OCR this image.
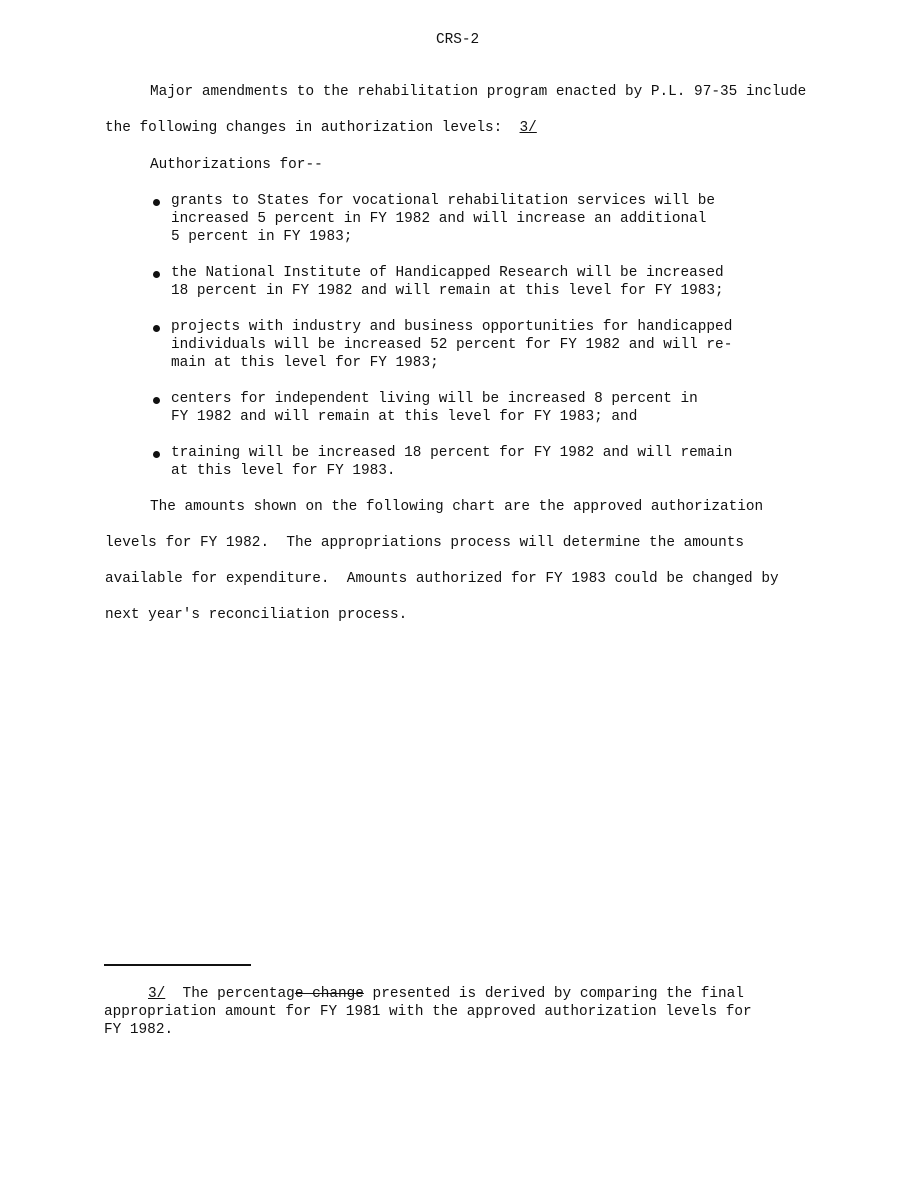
CRS-2
Major amendments to the rehabilitation program enacted by P.L. 97-35 include
the following changes in authorization levels:  3/
Authorizations for--
grants to States for vocational rehabilitation services will be
increased 5 percent in FY 1982 and will increase an additional
5 percent in FY 1983;
the National Institute of Handicapped Research will be increased
18 percent in FY 1982 and will remain at this level for FY 1983;
projects with industry and business opportunities for handicapped
individuals will be increased 52 percent for FY 1982 and will re-
main at this level for FY 1983;
centers for independent living will be increased 8 percent in
FY 1982 and will remain at this level for FY 1983; and
training will be increased 18 percent for FY 1982 and will remain
at this level for FY 1983.
The amounts shown on the following chart are the approved authorization
levels for FY 1982.  The appropriations process will determine the amounts
available for expenditure.  Amounts authorized for FY 1983 could be changed by
next year's reconciliation process.
3/  The percentage change presented is derived by comparing the final
appropriation amount for FY 1981 with the approved authorization levels for
FY 1982.
